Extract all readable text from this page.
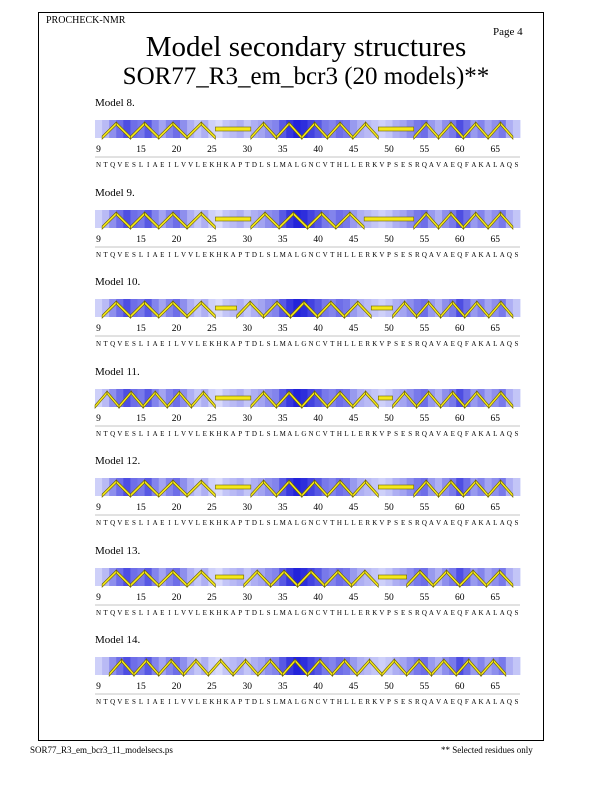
PROCHECK-NMR
Page 4
Model secondary structures
SOR77_R3_em_bcr3 (20 models)**
Model 8.
9	15	20	25	30	35	40	45	50	55	60	65
N T Q V E S L I A E I L V V L E K H K A P T D L S L M A L G N C V T H L L E R K V P S E S R Q A V A E Q F A K A L A Q S
Model 9.
9	15	20	25	30	35	40	45	50	55	60	65
N T Q V E S L I A E I L V V L E K H K A P T D L S L M A L G N C V T H L L E R K V P S E S R Q A V A E Q F A K A L A Q S
Model 10.
9	15	20	25	30	35	40	45	50	55	60	65
N T Q V E S L I A E I L V V L E K H K A P T D L S L M A L G N C V T H L L E R K V P S E S R Q A V A E Q F A K A L A Q S
Model 11.
9	15	20	25	30	35	40	45	50	55	60	65
N T Q V E S L I A E I L V V L E K H K A P T D L S L M A L G N C V T H L L E R K V P S E S R Q A V A E Q F A K A L A Q S
Model 12.
9	15	20	25	30	35	40	45	50	55	60	65
N T Q V E S L I A E I L V V L E K H K A P T D L S L M A L G N C V T H L L E R K V P S E S R Q A V A E Q F A K A L A Q S
Model 13.
9	15	20	25	30	35	40	45	50	55	60	65
N T Q V E S L I A E I L V V L E K H K A P T D L S L M A L G N C V T H L L E R K V P S E S R Q A V A E Q F A K A L A Q S
Model 14.
9	15	20	25	30	35	40	45	50	55	60	65
N T Q V E S L I A E I L V V L E K H K A P T D L S L M A L G N C V T H L L E R K V P S E S R Q A V A E Q F A K A L A Q S
SOR77_R3_em_bcr3_11_modelsecs.ps	** Selected residues only
